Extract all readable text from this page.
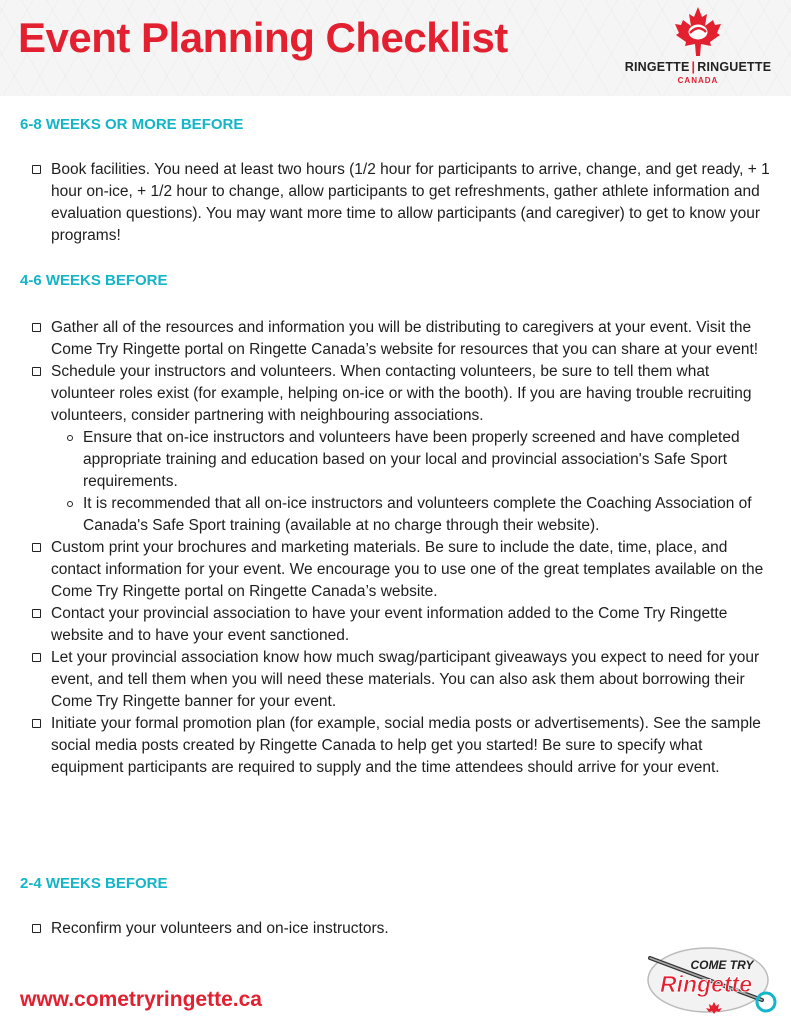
Event Planning Checklist
RINGETTE | RINGUETTE
CANADA
6-8 WEEKS OR MORE BEFORE
Book facilities. You need at least two hours (1/2 hour for participants to arrive, change, and get ready, + 1 hour on-ice, + 1/2 hour to change, allow participants to get refreshments, gather athlete information and evaluation questions). You may want more time to allow participants (and caregiver) to get to know your programs!
4-6 WEEKS BEFORE
Gather all of the resources and information you will be distributing to caregivers at your event. Visit the Come Try Ringette portal on Ringette Canada’s website for resources that you can share at your event!
Schedule your instructors and volunteers. When contacting volunteers, be sure to tell them what volunteer roles exist (for example, helping on-ice or with the booth). If you are having trouble recruiting volunteers, consider partnering with neighbouring associations.
Ensure that on-ice instructors and volunteers have been properly screened and have completed appropriate training and education based on your local and provincial association's Safe Sport requirements.
It is recommended that all on-ice instructors and volunteers complete the Coaching Association of Canada's Safe Sport training (available at no charge through their website).
Custom print your brochures and marketing materials. Be sure to include the date, time, place, and contact information for your event. We encourage you to use one of the great templates available on the Come Try Ringette portal on Ringette Canada’s website.
Contact your provincial association to have your event information added to the Come Try Ringette website and to have your event sanctioned.
Let your provincial association know how much swag/participant giveaways you expect to need for your event, and tell them when you will need these materials. You can also ask them about borrowing their Come Try Ringette banner for your event.
Initiate your formal promotion plan (for example, social media posts or advertisements). See the sample social media posts created by Ringette Canada to help get you started! Be sure to specify what equipment participants are required to supply and the time attendees should arrive for your event.
2-4 WEEKS BEFORE
Reconfirm your volunteers and on-ice instructors.

www.cometryringette.ca

COME TRY
Ringette
